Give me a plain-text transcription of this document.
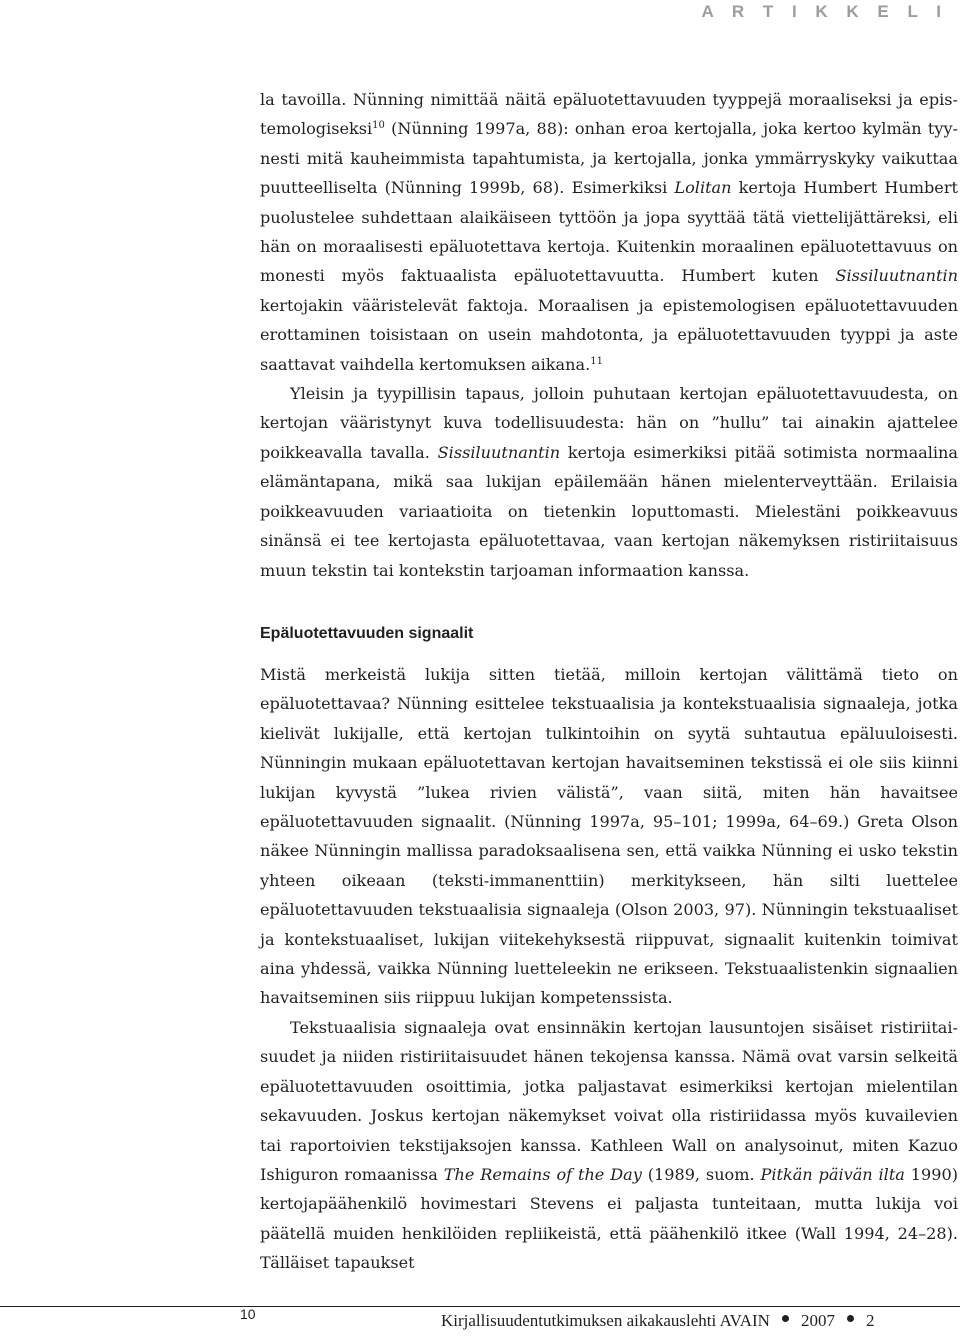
A R T I K K E L I

la tavoilla. Nünning nimittää näitä epäluotettavuuden tyyppejä moraaliseksi ja epistemologiseksi$^{10}$ (Nünning 1997a, 88): onhan eroa kertojalla, joka kertoo kylmän tyynesti mitä kauheimmista tapahtumista, ja kertojalla, jonka ymmärryskyky vaikuttaa puutteelliselta (Nünning 1999b, 68). Esimerkiksi Lolitan kertoja Humbert Humbert puolustelee suhdettaan alaikäiseen tyttöön ja jopa syyttää tätä viettelijättäreksi, eli hän on moraalisesti epäluotettava kertoja. Kuitenkin moraalinen epäluotettavuus on monesti myös faktuaalista epäluotettavuutta. Humbert kuten Sissiluutnantin kertojakin vääristelevät faktoja. Moraalisen ja epistemologisen epäluotettavuuden erottaminen toisistaan on usein mahdotonta, ja epäluotettavuuden tyyppi ja aste saattavat vaihdella kertomuksen aikana.$^{11}$

Yleisin ja tyypillisin tapaus, jolloin puhutaan kertojan epäluotettavuudesta, on kertojan vääristynyt kuva todellisuudesta: hän on ”hullu” tai ainakin ajattelee poikkeavalla tavalla. Sissiluutnantin kertoja esimerkiksi pitää sotimista normaalina elämäntapana, mikä saa lukijan epäilemään hänen mielenterveyttään. Erilaisia poikkeavuuden variaatioita on tietenkin loputtomasti. Mielestäni poikkeavuus sinänsä ei tee kertojasta epäluotettavaa, vaan kertojan näkemyksen ristiriitaisuus muun tekstin tai kontekstin tarjoaman informaation kanssa.

Epäluotettavuuden signaalit

Mistä merkeistä lukija sitten tietää, milloin kertojan välittämä tieto on epäluotettavaa? Nünning esittelee tekstuaalisia ja kontekstuaalisia signaaleja, jotka kielivät lukijalle, että kertojan tulkintoihin on syytä suhtautua epäluuloisesti. Nünningin mukaan epäluotettavan kertojan havaitseminen tekstissä ei ole siis kiinni lukijan kyvystä ”lukea rivien välistä”, vaan siitä, miten hän havaitsee epäluotettavuuden signaalit. (Nünning 1997a, 95–101; 1999a, 64–69.) Greta Olson näkee Nünningin mallissa paradoksaalisena sen, että vaikka Nünning ei usko tekstin yhteen oikeaan (teksti-immanenttiin) merkitykseen, hän silti luettelee epäluotettavuuden tekstuaalisia signaaleja (Olson 2003, 97). Nünningin tekstuaaliset ja kontekstuaaliset, lukijan viitekehyksestä riippuvat, signaalit kuitenkin toimivat aina yhdessä, vaikka Nünning luetteleekin ne erikseen. Tekstuaalistenkin signaalien havaitseminen siis riippuu lukijan kompetenssista.

Tekstuaalisia signaaleja ovat ensinnäkin kertojan lausuntojen sisäiset ristiriitaisuudet ja niiden ristiriitaisuudet hänen tekojensa kanssa. Nämä ovat varsin selkeitä epäluotettavuuden osoittimia, jotka paljastavat esimerkiksi kertojan mielentilan sekavuuden. Joskus kertojan näkemykset voivat olla ristiriidassa myös kuvailevien tai raportoivien tekstijaksojen kanssa. Kathleen Wall on analysoinut, miten Kazuo Ishiguron romaanissa The Remains of the Day (1989, suom. Pitkän päivän ilta 1990) kertojapäähenkilö hovimestari Stevens ei paljasta tunteitaan, mutta lukija voi päätellä muiden henkilöiden repliikeistä, että päähenkilö itkee (Wall 1994, 24–28). Tälläiset tapaukset

10	Kirjallisuudentutkimuksen aikakauslehti AVAIN 2007 2
